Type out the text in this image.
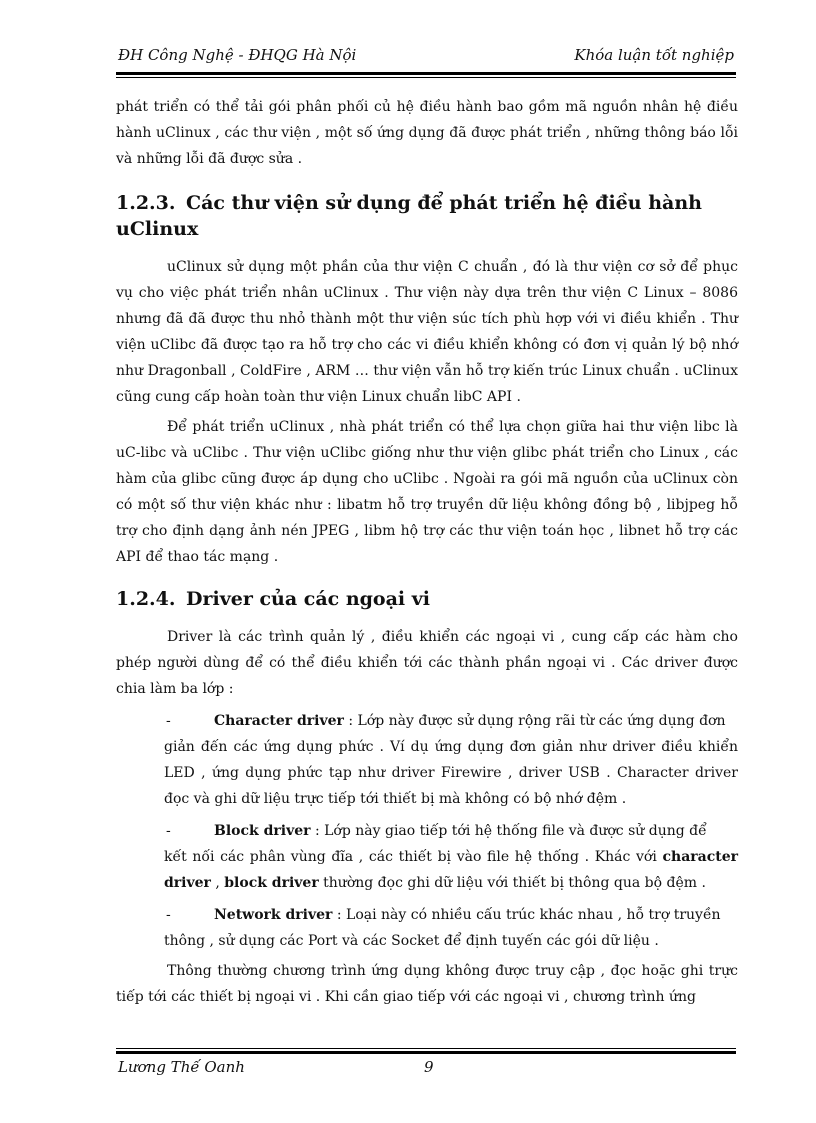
ĐH Công Nghệ - ĐHQG Hà Nội	Khóa luận tốt nghiệp

phát triển có thể tải gói phân phối củ hệ điều hành bao gồm mã nguồn nhân hệ điều hành uClinux , các thư viện , một số ứng dụng đã được phát triển , những thông báo lỗi và những lỗi đã được sửa .

1.2.3. Các thư viện sử dụng để phát triển hệ điều hành uClinux

uClinux sử dụng một phần của thư viện C chuẩn , đó là thư viện cơ sở để phục vụ cho việc phát triển nhân uClinux . Thư viện này dựa trên thư viện C Linux – 8086 nhưng đã đã được thu nhỏ thành một thư viện súc tích phù hợp với vi điều khiển . Thư viện uClibc đã được tạo ra hỗ trợ cho các vi điều khiển không có đơn vị quản lý bộ nhớ như Dragonball , ColdFire , ARM … thư viện vẫn hỗ trợ kiến trúc Linux chuẩn . uClinux cũng cung cấp hoàn toàn thư viện Linux chuẩn libC API .

Để phát triển uClinux , nhà phát triển có thể lựa chọn giữa hai thư viện libc là uC-libc và uClibc . Thư viện uClibc giống như thư viện glibc phát triển cho Linux , các hàm của glibc cũng được áp dụng cho uClibc . Ngoài ra gói mã nguồn của uClinux còn có một số thư viện khác như : libatm hỗ trợ truyền dữ liệu không đồng bộ , libjpeg hỗ trợ cho định dạng ảnh nén JPEG , libm hộ trợ các thư viện toán học , libnet hỗ trợ các API để thao tác mạng .

1.2.4. Driver của các ngoại vi

Driver là các trình quản lý , điều khiển các ngoại vi , cung cấp các hàm cho phép người dùng để có thể điều khiển tới các thành phần ngoại vi . Các driver được chia làm ba lớp :

-	Character driver : Lớp này được sử dụng rộng rãi từ các ứng dụng đơn
giản đến các ứng dụng phức . Ví dụ ứng dụng đơn giản như driver điều khiển LED , ứng dụng phức tạp như driver Firewire , driver USB . Character driver đọc và ghi dữ liệu trực tiếp tới thiết bị mà không có bộ nhớ đệm .
-	Block driver : Lớp này giao tiếp tới hệ thống file và được sử dụng để
kết nối các phân vùng đĩa , các thiết bị vào file hệ thống . Khác với character driver , block driver thường đọc ghi dữ liệu với thiết bị thông qua bộ đệm .
-	Network driver : Loại này có nhiều cấu trúc khác nhau , hỗ trợ truyền
thông , sử dụng các Port và các Socket để định tuyến các gói dữ liệu .

Thông thường chương trình ứng dụng không được truy cập , đọc hoặc ghi trực tiếp tới các thiết bị ngoại vi . Khi cần giao tiếp với các ngoại vi , chương trình ứng

Lương Thế Oanh	9
